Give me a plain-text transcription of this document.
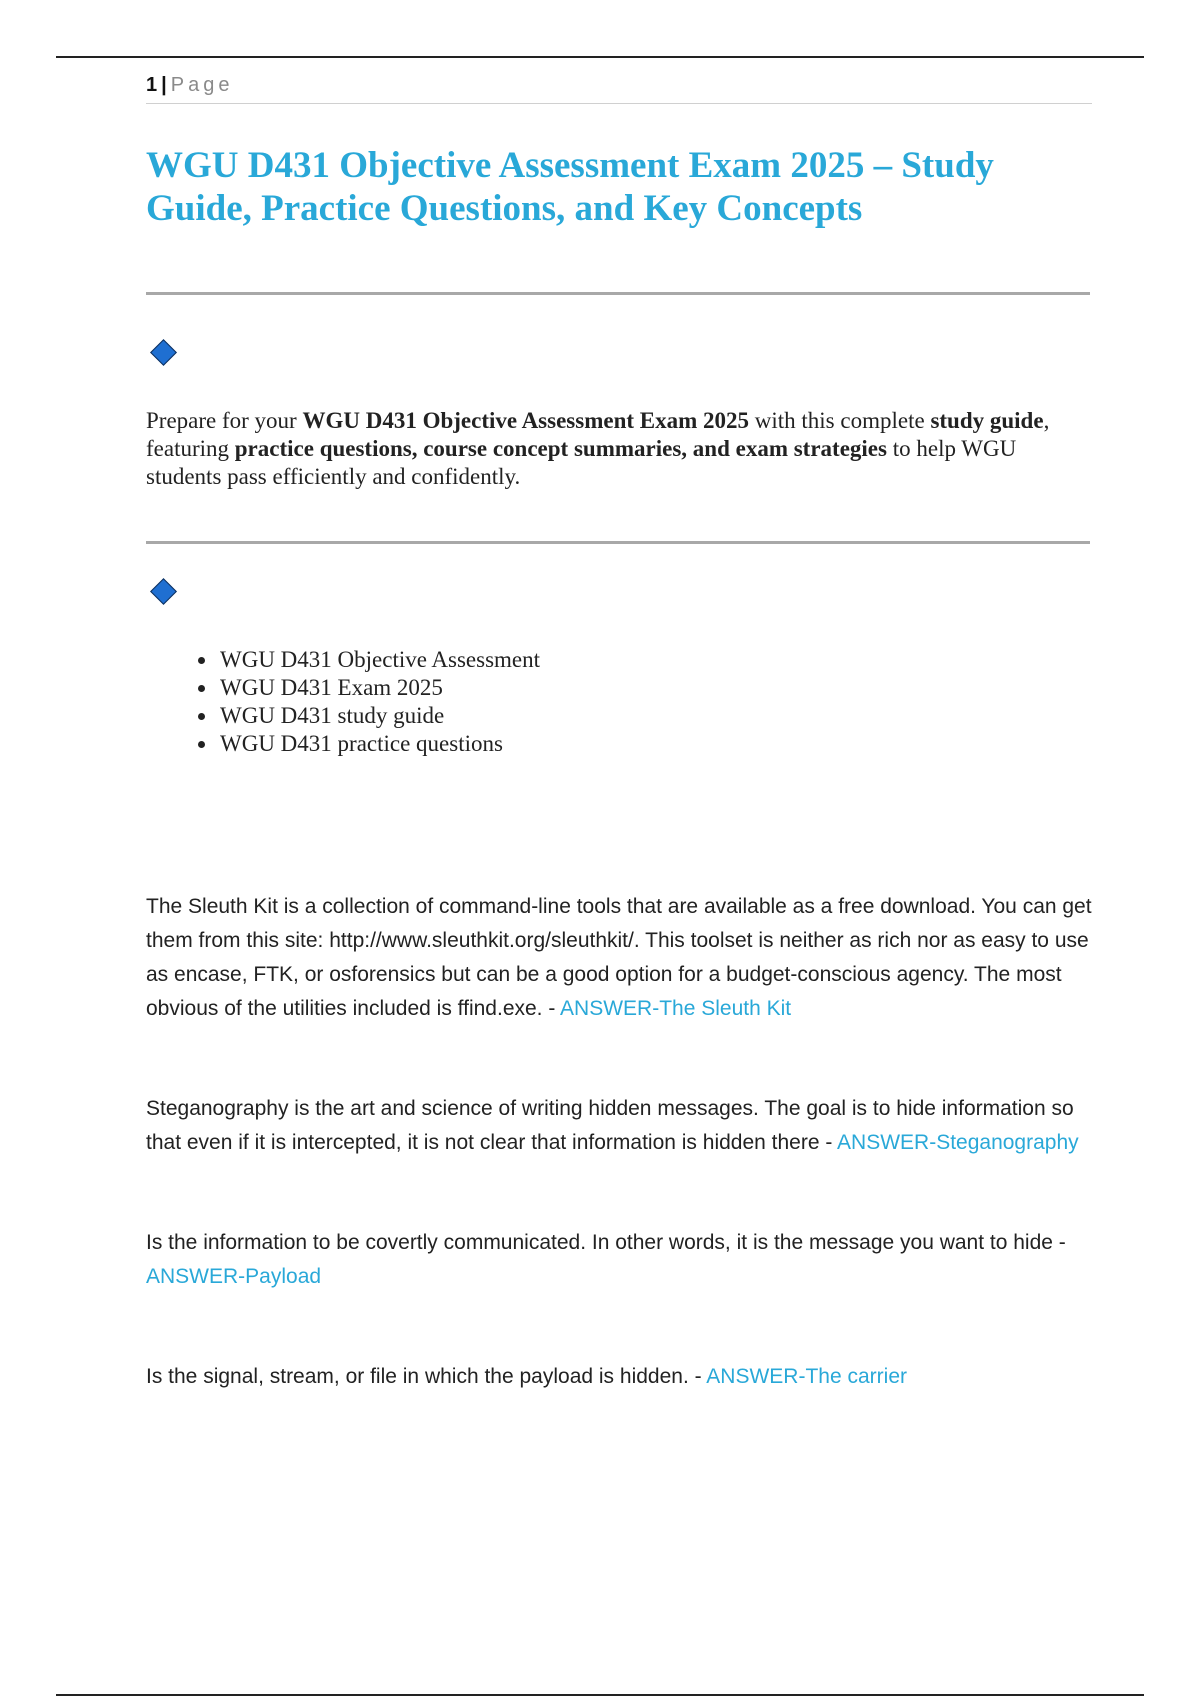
1 | Page
WGU D431 Objective Assessment Exam 2025 – Study Guide, Practice Questions, and Key Concepts

Prepare for your WGU D431 Objective Assessment Exam 2025 with this complete study guide, featuring practice questions, course concept summaries, and exam strategies to help WGU students pass efficiently and confidently.

• WGU D431 Objective Assessment
• WGU D431 Exam 2025
• WGU D431 study guide
• WGU D431 practice questions

The Sleuth Kit is a collection of command-line tools that are available as a free download. You can get them from this site: http://www.sleuthkit.org/sleuthkit/. This toolset is neither as rich nor as easy to use as encase, FTK, or osforensics but can be a good option for a budget-conscious agency. The most obvious of the utilities included is ffind.exe. - ANSWER-The Sleuth Kit

Steganography is the art and science of writing hidden messages. The goal is to hide information so that even if it is intercepted, it is not clear that information is hidden there - ANSWER-Steganography

Is the information to be covertly communicated. In other words, it is the message you want to hide - ANSWER-Payload

Is the signal, stream, or file in which the payload is hidden. - ANSWER-The carrier
